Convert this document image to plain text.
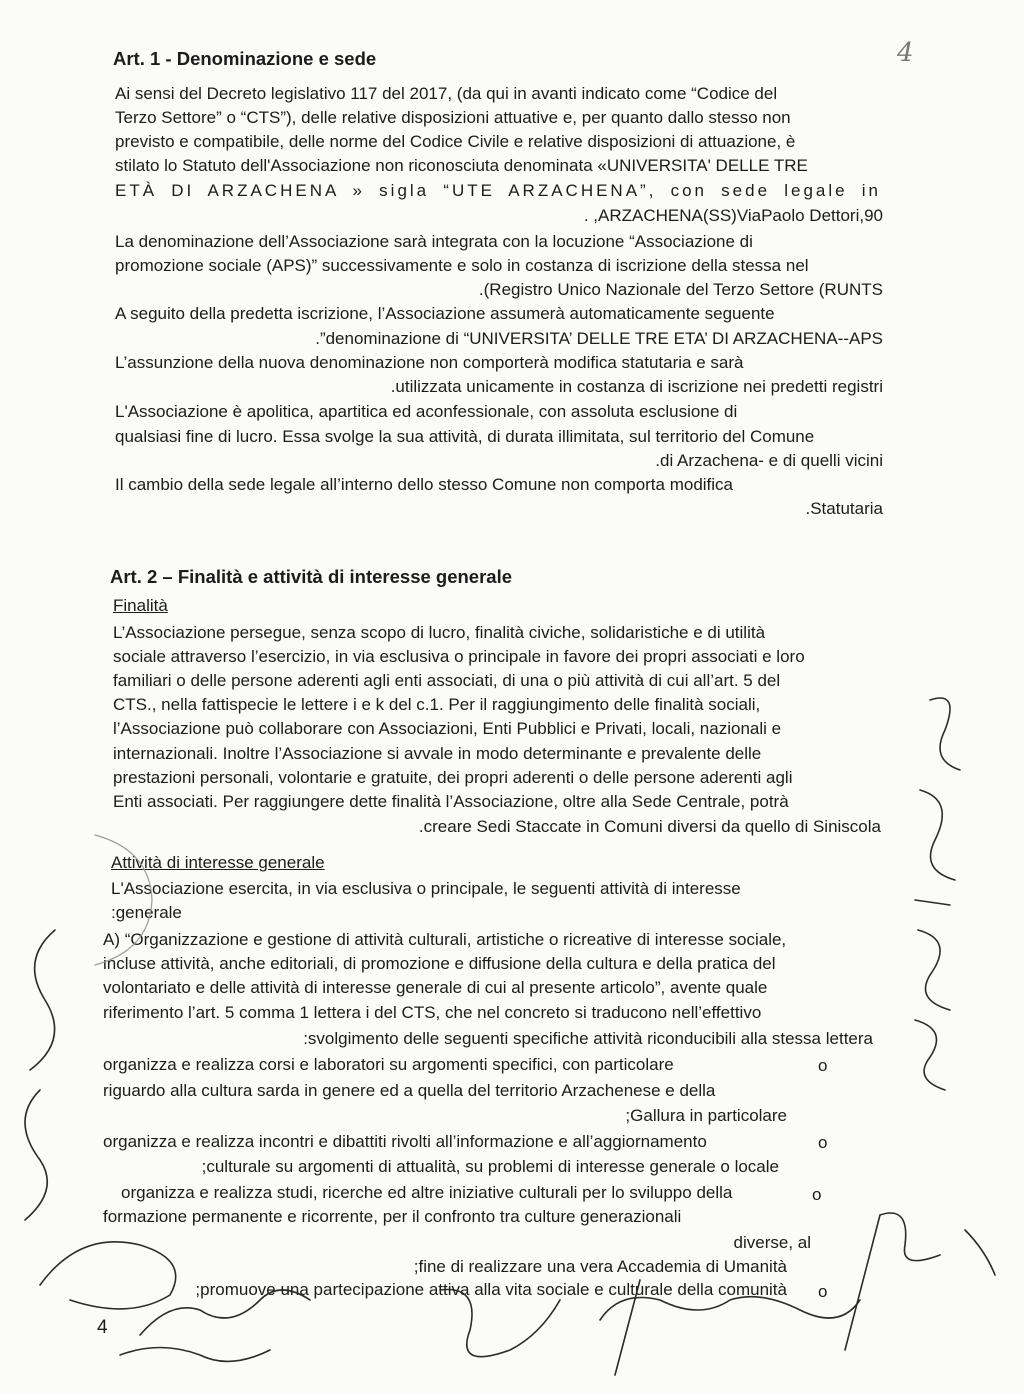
4
Art. 1 - Denominazione e sede
Ai sensi del Decreto legislativo 117 del 2017, (da qui in avanti indicato come “Codice del
Terzo Settore” o “CTS”), delle relative disposizioni attuative e, per quanto dallo stesso non
previsto e compatibile, delle norme del Codice Civile e relative disposizioni di attuazione, è
stilato lo Statuto dell'Associazione non riconosciuta denominata «UNIVERSITA' DELLE TRE
ETÀ DI ARZACHENA » sigla “UTE ARZACHENA”, con sede legale in
. ,ARZACHENA(SS)ViaPaolo Dettori,90
La denominazione dell’Associazione sarà integrata con la locuzione “Associazione di
promozione sociale (APS)” successivamente e solo in costanza di iscrizione della stessa nel
.(Registro Unico Nazionale del Terzo Settore (RUNTS
A seguito della predetta iscrizione, l’Associazione assumerà automaticamente seguente
.”denominazione di “UNIVERSITA’ DELLE TRE ETA’ DI ARZACHENA--APS
L’assunzione della nuova denominazione non comporterà modifica statutaria e sarà
.utilizzata unicamente in costanza di iscrizione nei predetti registri
L'Associazione è apolitica, apartitica ed aconfessionale, con assoluta esclusione di
qualsiasi fine di lucro. Essa svolge la sua attività, di durata illimitata, sul territorio del Comune
.di Arzachena- e di quelli vicini
Il cambio della sede legale all’interno dello stesso Comune non comporta modifica
.Statutaria
Art. 2 – Finalità e attività di interesse generale
Finalità
L’Associazione persegue, senza scopo di lucro, finalità civiche, solidaristiche e di utilità
sociale attraverso l’esercizio, in via esclusiva o principale in favore dei propri associati e loro
familiari o delle persone aderenti agli enti associati, di una o più attività di cui all’art. 5 del
CTS., nella fattispecie le lettere i e k del c.1. Per il raggiungimento delle finalità sociali,
l’Associazione può collaborare con Associazioni, Enti Pubblici e Privati, locali, nazionali e
internazionali. Inoltre l’Associazione si avvale in modo determinante e prevalente delle
prestazioni personali, volontarie e gratuite, dei propri aderenti o delle persone aderenti agli
Enti associati. Per raggiungere dette finalità l’Associazione, oltre alla Sede Centrale, potrà
.creare Sedi Staccate in Comuni diversi da quello di Siniscola
Attività di interesse generale
L'Associazione esercita, in via esclusiva o principale, le seguenti attività di interesse
:generale
A) “Organizzazione e gestione di attività culturali, artistiche o ricreative di interesse sociale,
incluse attività, anche editoriali, di promozione e diffusione della cultura e della pratica del
volontariato e delle attività di interesse generale di cui al presente articolo”, avente quale
riferimento l’art. 5 comma 1 lettera i del CTS, che nel concreto si traducono nell’effettivo
:svolgimento delle seguenti specifiche attività riconducibili alla stessa lettera
organizza e realizza corsi e laboratori su argomenti specifici, con particolare	o
riguardo alla cultura sarda in genere ed a quella del territorio Arzachenese e della
;Gallura in particolare
organizza e realizza incontri e dibattiti rivolti all’informazione e all’aggiornamento	o
;culturale su argomenti di attualità, su problemi di interesse generale o locale
organizza e realizza studi, ricerche ed altre iniziative culturali per lo sviluppo della	o
formazione permanente e ricorrente, per il confronto tra culture generazionali
diverse, al
;fine di realizzare una vera Accademia di Umanità
;promuove una partecipazione attiva alla vita sociale e culturale della comunità o
4
